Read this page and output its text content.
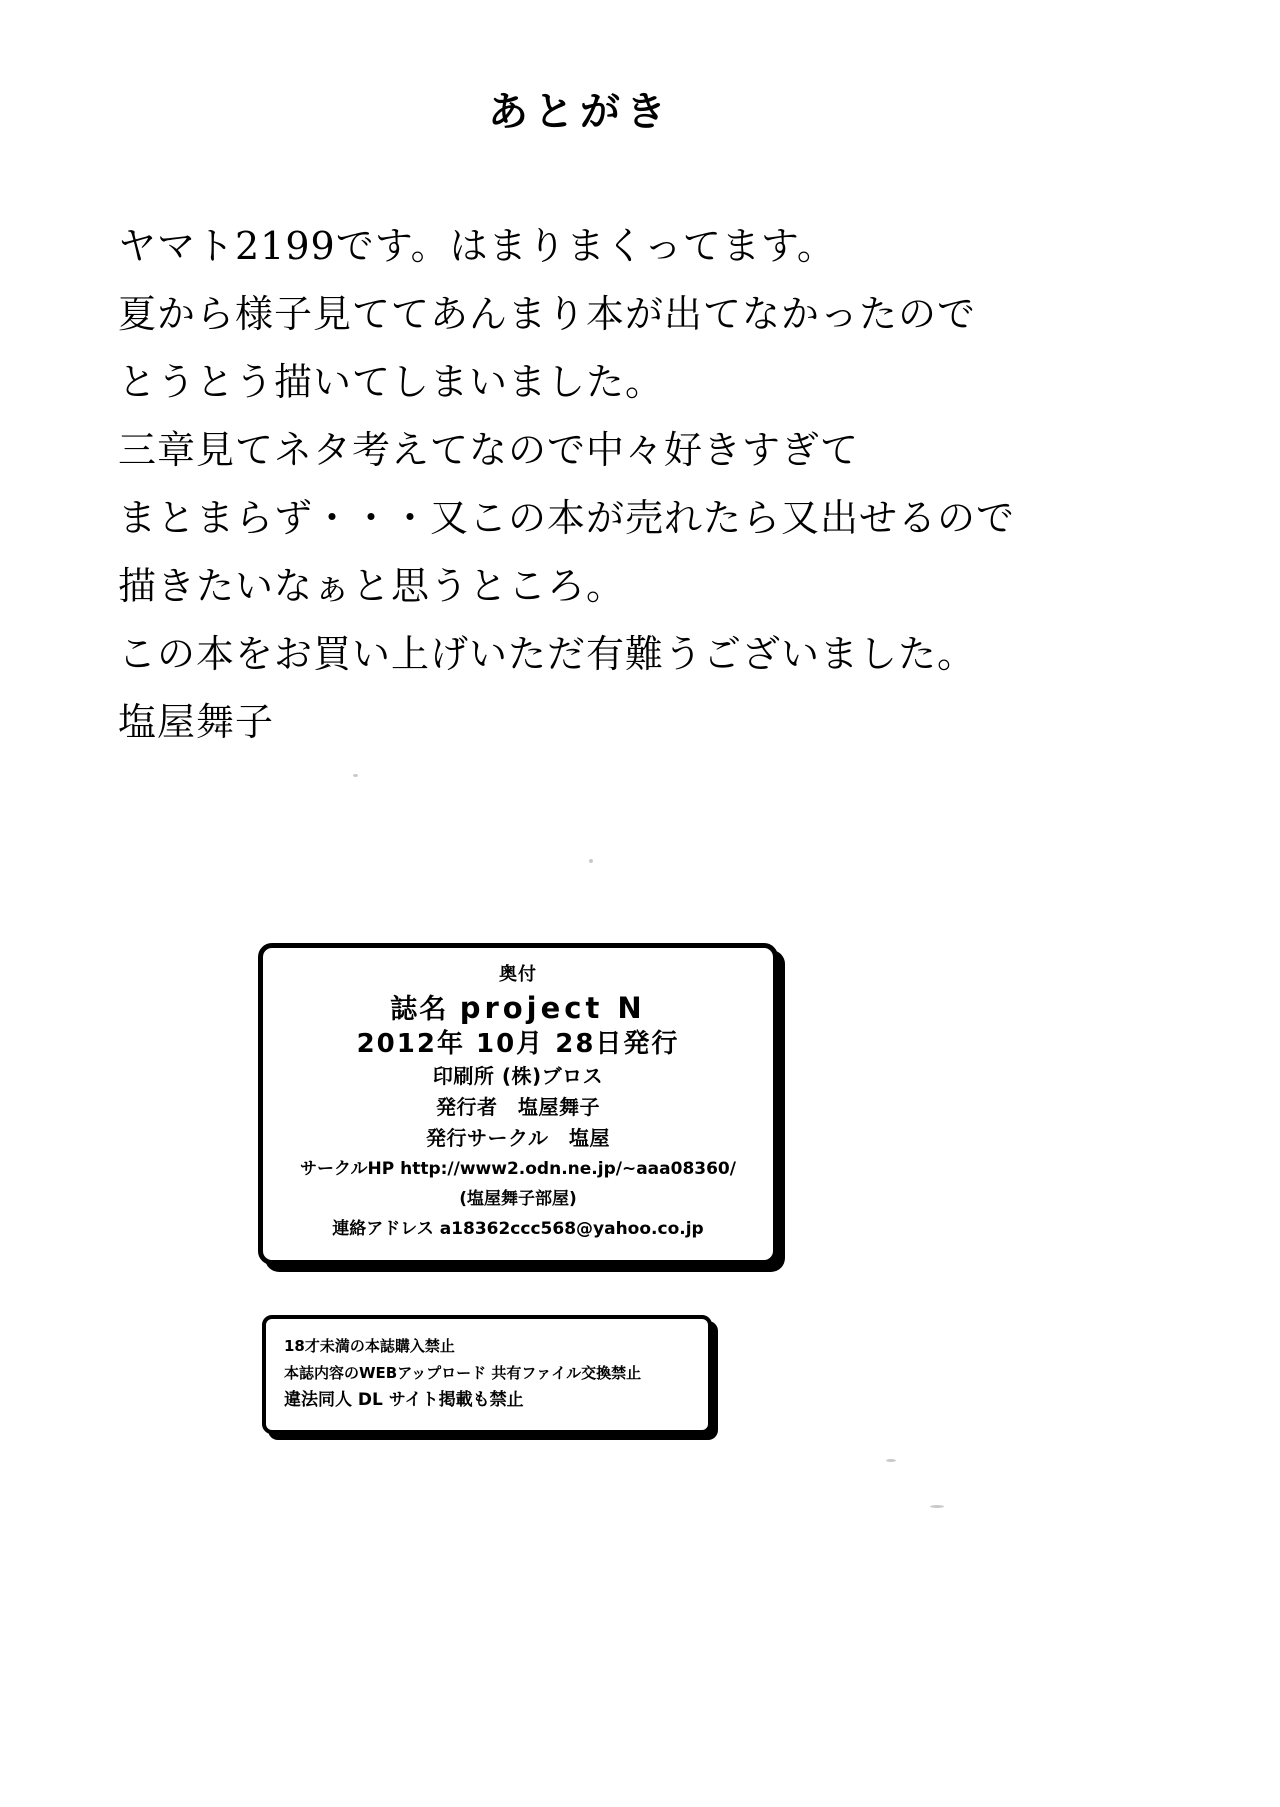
あとがき

ヤマト2199です。はまりまくってます。

夏から様子見ててあんまり本が出てなかったので

とうとう描いてしまいました。

三章見てネタ考えてなので中々好きすぎて

まとまらず・・・又この本が売れたら又出せるので

描きたいなぁと思うところ。

この本をお買い上げいただ有難うございました。

塩屋舞子

奥付
誌名 project N
2012年 10月 28日発行
印刷所 (株)ブロス
発行者　塩屋舞子
発行サークル　塩屋
サークルHP http://www2.odn.ne.jp/~aaa08360/
(塩屋舞子部屋)
連絡アドレス a18362ccc568@yahoo.co.jp
18才未満の本誌購入禁止
本誌内容のWEBアップロード 共有ファイル交換禁止
違法同人 DL サイト掲載も禁止
